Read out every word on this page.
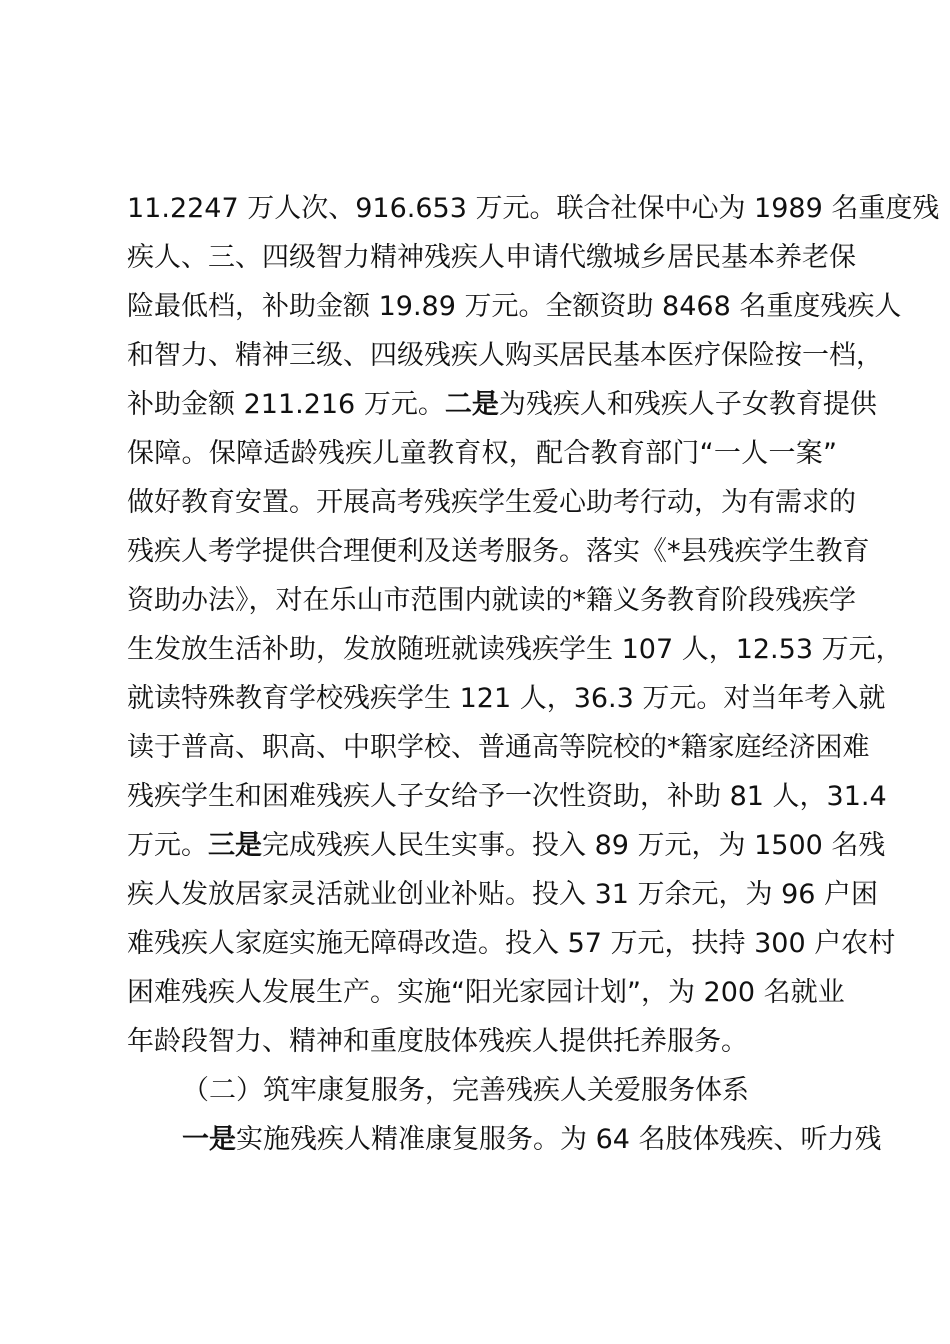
11.2247 万人次、916.653 万元。联合社保中心为 1989 名重度残
疾人、三、四级智力精神残疾人申请代缴城乡居民基本养老保
险最低档，补助金额 19.89 万元。全额资助 8468 名重度残疾人
和智力、精神三级、四级残疾人购买居民基本医疗保险按一档，
补助金额 211.216 万元。二是为残疾人和残疾人子女教育提供
保障。保障适龄残疾儿童教育权，配合教育部门“一人一案”
做好教育安置。开展高考残疾学生爱心助考行动，为有需求的
残疾人考学提供合理便利及送考服务。落实《*县残疾学生教育
资助办法》，对在乐山市范围内就读的*籍义务教育阶段残疾学
生发放生活补助，发放随班就读残疾学生 107 人，12.53 万元，
就读特殊教育学校残疾学生 121 人，36.3 万元。对当年考入就
读于普高、职高、中职学校、普通高等院校的*籍家庭经济困难
残疾学生和困难残疾人子女给予一次性资助，补助 81 人，31.4
万元。三是完成残疾人民生实事。投入 89 万元，为 1500 名残
疾人发放居家灵活就业创业补贴。投入 31 万余元，为 96 户困
难残疾人家庭实施无障碍改造。投入 57 万元，扶持 300 户农村
困难残疾人发展生产。实施“阳光家园计划”，为 200 名就业
年龄段智力、精神和重度肢体残疾人提供托养服务。
（二）筑牢康复服务，完善残疾人关爱服务体系
一是实施残疾人精准康复服务。为 64 名肢体残疾、听力残
